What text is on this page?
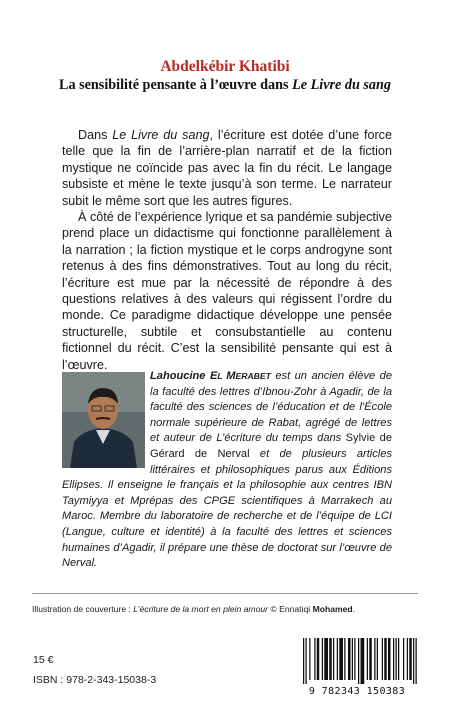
Abdelkébir Khatibi
La sensibilité pensante à l’œuvre dans Le Livre du sang

Dans Le Livre du sang, l’écriture est dotée d’une force telle que la fin de l’arrière-plan narratif et de la fiction mystique ne coïncide pas avec la fin du récit. Le langage subsiste et mène le texte jusqu’à son terme. Le narrateur subit le même sort que les autres figures.

À côté de l’expérience lyrique et sa pandémie subjective prend place un didactisme qui fonctionne parallèlement à la narration ; la fiction mystique et le corps androgyne sont retenus à des fins démonstratives. Tout au long du récit, l’écriture est mue par la nécessité de répondre à des questions relatives à des valeurs qui régissent l’ordre du monde. Ce paradigme didactique développe une pensée structurelle, subtile et consubstantielle au contenu fictionnel du récit. C’est la sensibilité pensante qui est à l’œuvre.

Lahoucine EL MERABET est un ancien élève de la faculté des lettres d’Ibnou-Zohr à Agadir, de la faculté des sciences de l’éducation et de l’École normale supérieure de Rabat, agrégé de lettres et auteur de L’écriture du temps dans Sylvie de Gérard de Nerval et de plusieurs articles littéraires et philosophiques parus aux Éditions Ellipses. Il enseigne le français et la philosophie aux centres IBN Taymiyya et Mprépas des CPGE scientifiques à Marrakech au Maroc. Membre du laboratoire de recherche et de l’équipe de LCI (Langue, culture et identité) à la faculté des lettres et sciences humaines d’Agadir, il prépare une thèse de doctorat sur l’œuvre de Nerval.
Illustration de couverture : L’écriture de la mort en plein amour © Ennatiqi Mohamed.
15 €
ISBN : 978-2-343-15038-3
9 782343 150383
